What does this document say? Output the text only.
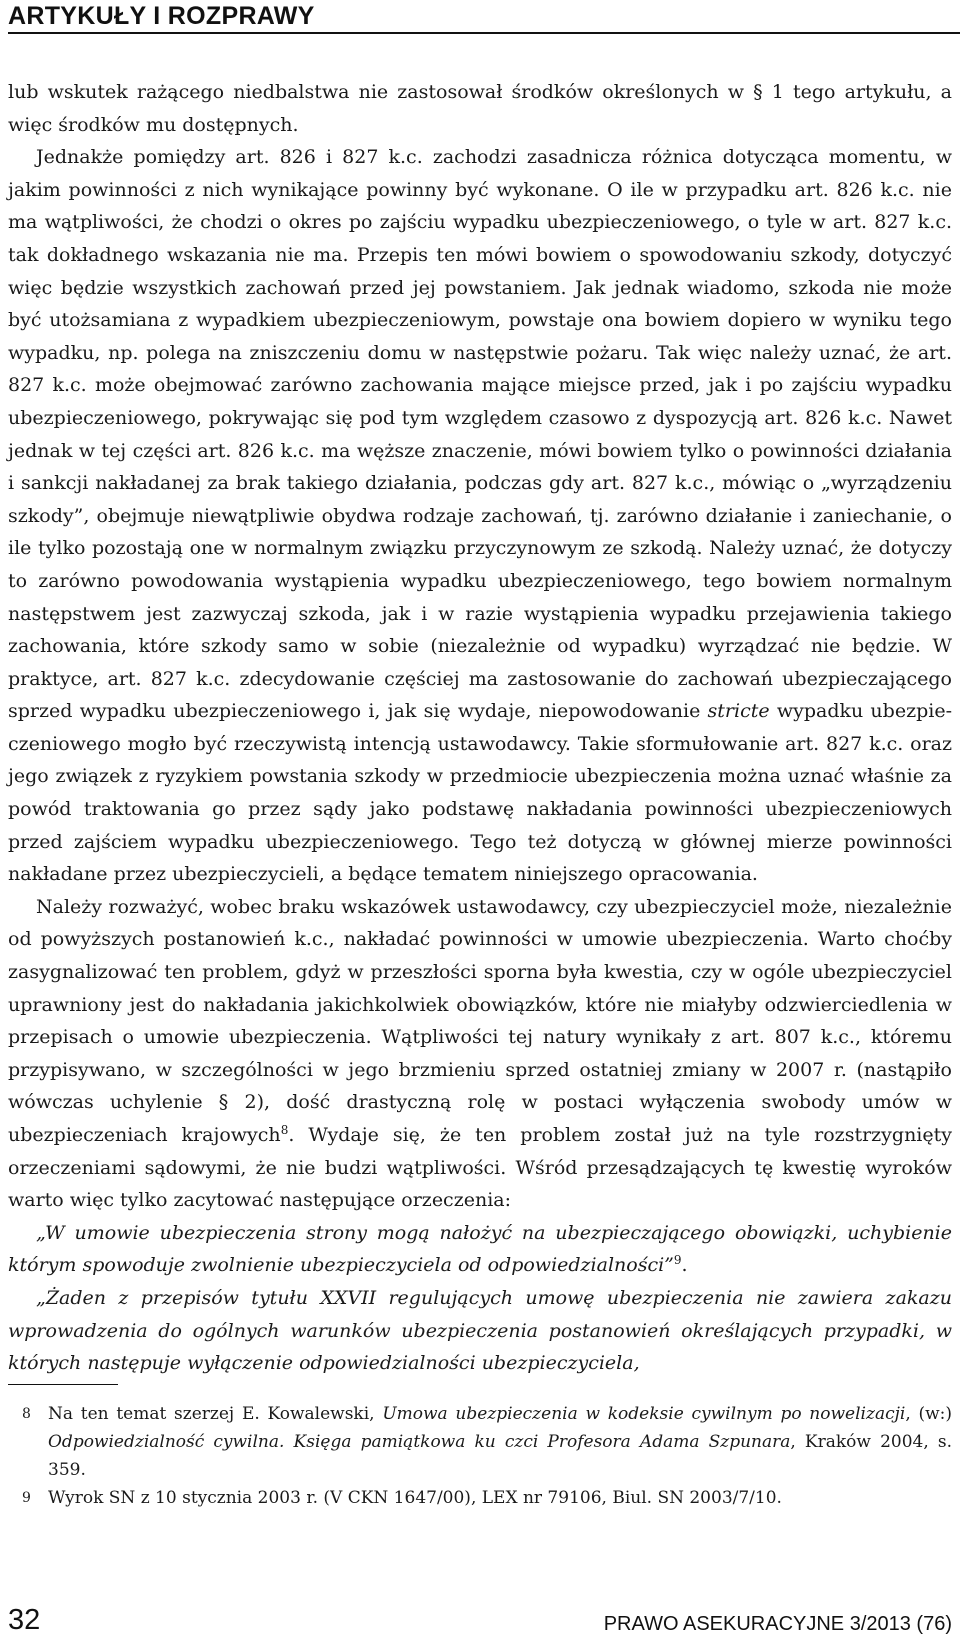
ARTYKUŁY I ROZPRAWY

lub wskutek rażącego niedbalstwa nie zastosował środków określonych w § 1 tego artykułu, a więc środków mu dostępnych.

Jednakże pomiędzy art. 826 i 827 k.c. zachodzi zasadnicza różnica dotycząca momentu, w jakim powinności z nich wynikające powinny być wykonane. O ile w przypadku art. 826 k.c. nie ma wątpliwości, że chodzi o okres po zajściu wypadku ubezpieczeniowego, o tyle w art. 827 k.c. tak dokładnego wskazania nie ma. Przepis ten mówi bowiem o spowodowaniu szkody, dotyczyć więc będzie wszystkich zachowań przed jej powstaniem. Jak jednak wiadomo, szkoda nie może być utożsamiana z wypadkiem ubezpieczeniowym, powstaje ona bowiem dopiero w wyniku tego wypadku, np. polega na zniszczeniu domu w następstwie pożaru. Tak więc należy uznać, że art. 827 k.c. może obejmować zarówno zachowania mające miejsce przed, jak i po zajściu wypadku ubezpieczeniowego, pokrywając się pod tym względem czasowo z dyspozycją art. 826 k.c. Nawet jednak w tej części art. 826 k.c. ma węższe znaczenie, mówi bowiem tylko o powinności działania i sankcji nakładanej za brak takiego działania, podczas gdy art. 827 k.c., mówiąc o „wyrządzeniu szkody”, obejmuje niewątpliwie obydwa rodzaje zachowań, tj. zarówno działanie i zaniechanie, o ile tylko pozostają one w normalnym związku przyczynowym ze szkodą. Należy uznać, że dotyczy to zarówno powodowania wystąpienia wypadku ubezpieczeniowego, tego bowiem normalnym następstwem jest zazwyczaj szkoda, jak i w razie wystąpienia wypadku przejawienia takiego zachowania, które szkody samo w sobie (niezależnie od wypadku) wyrządzać nie będzie. W praktyce, art. 827 k.c. zdecydowanie częściej ma zastosowanie do zachowań ubezpieczającego sprzed wypadku ubezpieczeniowego i, jak się wydaje, niepowodowanie stricte wypadku ubezpieczeniowego mogło być rzeczywistą intencją ustawodawcy. Takie sformułowanie art. 827 k.c. oraz jego związek z ryzykiem powstania szkody w przedmiocie ubezpieczenia można uznać właśnie za powód traktowania go przez sądy jako podstawę nakładania powinności ubezpieczeniowych przed zajściem wypadku ubezpieczeniowego. Tego też dotyczą w głównej mierze powinności nakładane przez ubezpieczycieli, a będące tematem niniejszego opracowania.

Należy rozważyć, wobec braku wskazówek ustawodawcy, czy ubezpieczyciel może, niezależnie od powyższych postanowień k.c., nakładać powinności w umowie ubezpieczenia. Warto choćby zasygnalizować ten problem, gdyż w przeszłości sporna była kwestia, czy w ogóle ubezpieczyciel uprawniony jest do nakładania jakichkolwiek obowiązków, które nie miałyby odzwierciedlenia w przepisach o umowie ubezpieczenia. Wątpliwości tej natury wynikały z art. 807 k.c., któremu przypisywano, w szczególności w jego brzmieniu sprzed ostatniej zmiany w 2007 r. (nastąpiło wówczas uchylenie § 2), dość drastyczną rolę w postaci wyłączenia swobody umów w ubezpieczeniach krajowych$^8$. Wydaje się, że ten problem został już na tyle rozstrzygnięty orzeczeniami sądowymi, że nie budzi wątpliwości. Wśród przesądzających tę kwestię wyroków warto więc tylko zacytować następujące orzeczenia:

„W umowie ubezpieczenia strony mogą nałożyć na ubezpieczającego obowiązki, uchybienie którym spowoduje zwolnienie ubezpieczyciela od odpowiedzialności”$^9$.

„Żaden z przepisów tytułu XXVII regulujących umowę ubezpieczenia nie zawiera zakazu wprowadzenia do ogólnych warunków ubezpieczenia postanowień określających przypadki, w których następuje wyłączenie odpowiedzialności ubezpieczyciela,

8 Na ten temat szerzej E. Kowalewski, Umowa ubezpieczenia w kodeksie cywilnym po nowelizacji, (w:) Odpowiedzialność cywilna. Księga pamiątkowa ku czci Profesora Adama Szpunara, Kraków 2004, s. 359.
9 Wyrok SN z 10 stycznia 2003 r. (V CKN 1647/00), LEX nr 79106, Biul. SN 2003/7/10.
32	PRAWO ASEKURACYJNE 3/2013 (76)
